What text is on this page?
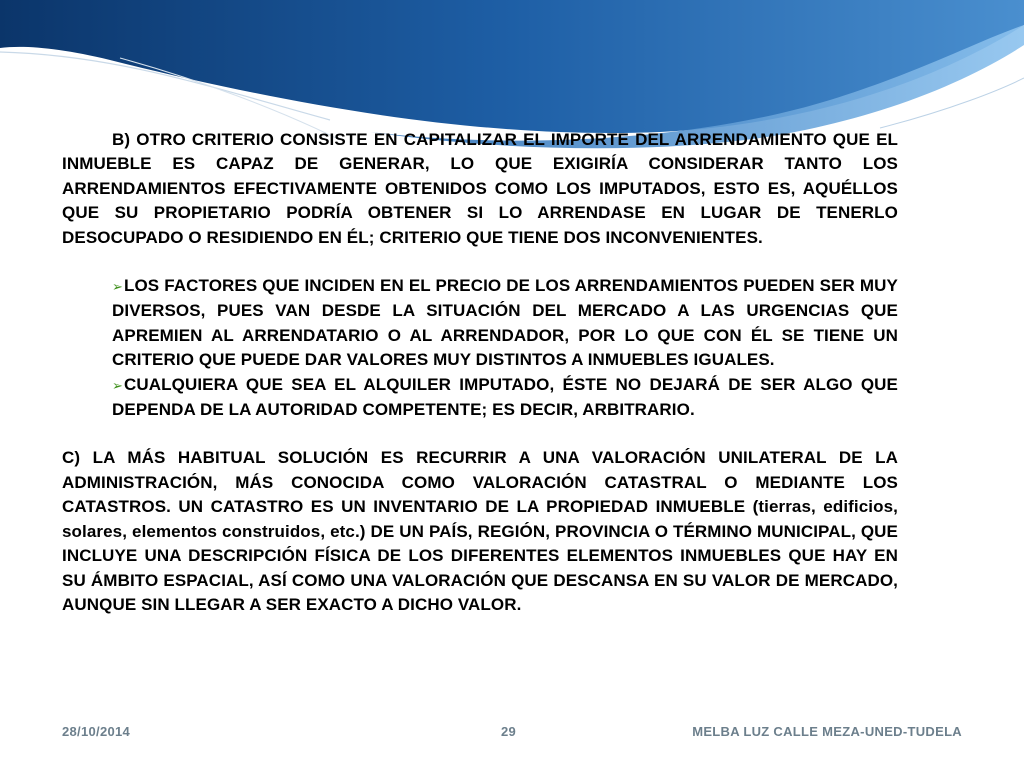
B) OTRO CRITERIO CONSISTE EN CAPITALIZAR EL IMPORTE DEL ARRENDAMIENTO QUE EL INMUEBLE ES CAPAZ DE GENERAR, LO QUE EXIGIRÍA CONSIDERAR TANTO LOS ARRENDAMIENTOS EFECTIVAMENTE OBTENIDOS COMO LOS IMPUTADOS, ESTO ES, AQUÉLLOS QUE SU PROPIETARIO PODRÍA OBTENER SI LO ARRENDASE EN LUGAR DE TENERLO DESOCUPADO O RESIDIENDO EN ÉL; CRITERIO QUE TIENE DOS INCONVENIENTES.

➢LOS FACTORES QUE INCIDEN EN EL PRECIO DE LOS ARRENDAMIENTOS PUEDEN SER MUY DIVERSOS, PUES VAN DESDE LA SITUACIÓN DEL MERCADO A LAS URGENCIAS QUE APREMIEN AL ARRENDATARIO O AL ARRENDADOR, POR LO QUE CON ÉL SE TIENE UN CRITERIO QUE PUEDE DAR VALORES MUY DISTINTOS A INMUEBLES IGUALES.
➢CUALQUIERA QUE SEA EL ALQUILER IMPUTADO, ÉSTE NO DEJARÁ DE SER ALGO QUE DEPENDA DE LA AUTORIDAD COMPETENTE; ES DECIR, ARBITRARIO.

C) LA MÁS HABITUAL SOLUCIÓN ES RECURRIR A UNA VALORACIÓN UNILATERAL DE LA ADMINISTRACIÓN, MÁS CONOCIDA COMO VALORACIÓN CATASTRAL O MEDIANTE LOS CATASTROS. UN CATASTRO ES UN INVENTARIO DE LA PROPIEDAD INMUEBLE (tierras, edificios, solares, elementos construidos, etc.) DE UN PAÍS, REGIÓN, PROVINCIA O TÉRMINO MUNICIPAL, QUE INCLUYE UNA DESCRIPCIÓN FÍSICA DE LOS DIFERENTES ELEMENTOS INMUEBLES QUE HAY EN SU ÁMBITO ESPACIAL, ASÍ COMO UNA VALORACIÓN QUE DESCANSA EN SU VALOR DE MERCADO, AUNQUE SIN LLEGAR A SER EXACTO A DICHO VALOR.

28/10/2014	29	MELBA LUZ CALLE MEZA-UNED-TUDELA
